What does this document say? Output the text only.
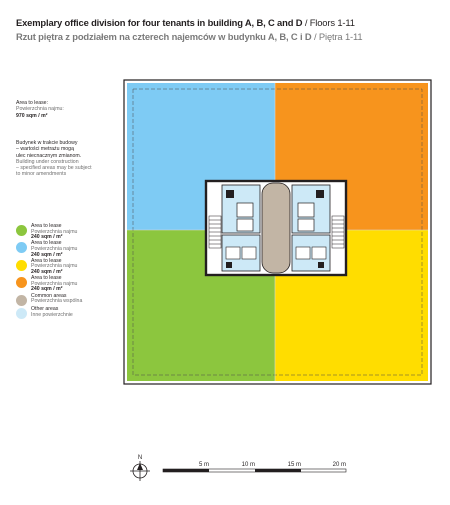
Exemplary office division for four tenants in building A, B, C and D / Floors 1-11
Rzut piętra z podziałem na czterech najemców w budynku A, B, C i D / Piętra 1-11
Area to lease:
Powierzchnia najmu:
970 sqm / m²
Budynek w trakcie budowy
– wartości metrażu mogą
ulec niecnacznym zmianom.
Building under construction
– specified areas may be subject
to minor amendments
Area to lease
Powierzchnia najmu
240 sqm / m²
Area to lease
Powierzchnia najmu
240 sqm / m²
Area to lease
Powierzchnia najmu
240 sqm / m²
Area to lease
Powierzchnia najmu
240 sqm / m²
Common areas
Powierzchnia wspólna
Other areas
Inne powierzchnie
N
5 m	10 m	15 m	20 m
